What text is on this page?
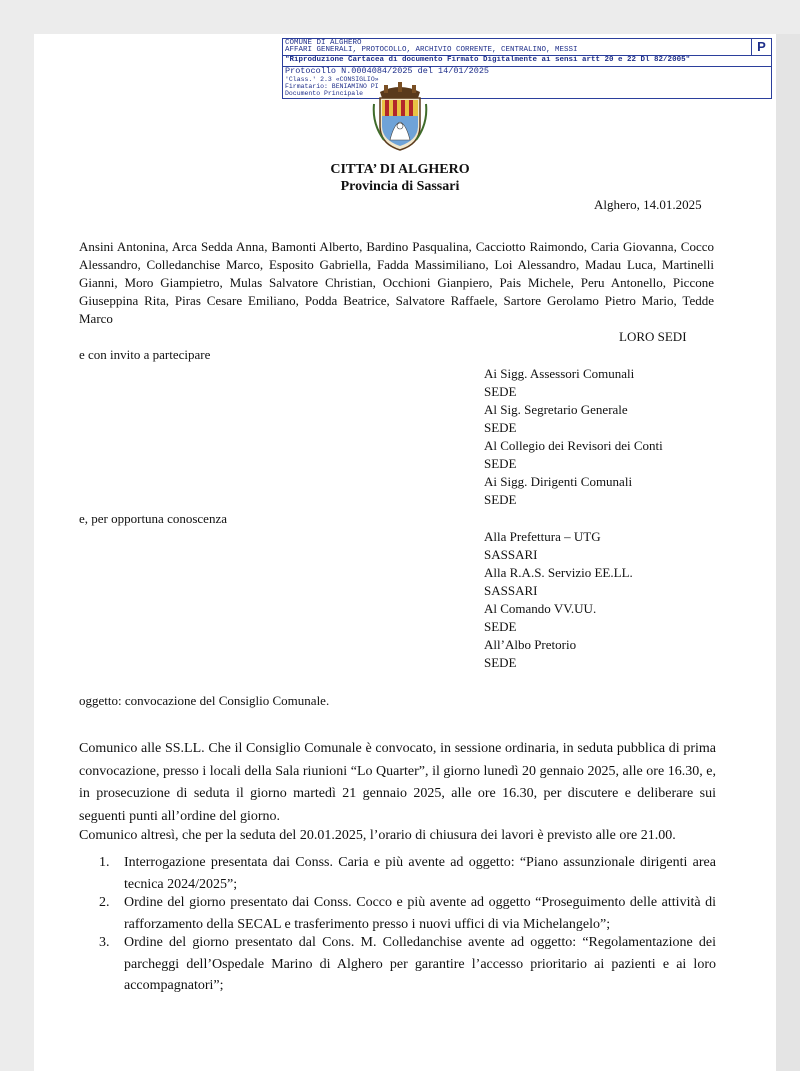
COMUNE DI ALGHERO
AFFARI GENERALI, PROTOCOLLO, ARCHIVIO CORRENTE, CENTRALINO, MESSI	P
"Riproduzione Cartacea di documento Firmato Digitalmente ai sensi artt 20 e 22 Dl 82/2005"
Protocollo N.0004084/2025 del 14/01/2025
'Class.' 2.3 «CONSIGLIO»
Firmatario: BENIAMINO PI
Documento Principale
CITTA’ DI ALGHERO
Provincia di Sassari
Alghero, 14.01.2025
Ansini Antonina, Arca Sedda Anna, Bamonti Alberto, Bardino Pasqualina, Cacciotto Raimondo, Caria Giovanna, Cocco Alessandro, Colledanchise Marco, Esposito Gabriella, Fadda Massimiliano, Loi Alessandro, Madau Luca, Martinelli Gianni, Moro Giampietro, Mulas Salvatore Christian, Occhioni Gianpiero, Pais Michele, Peru Antonello, Piccone Giuseppina Rita, Piras Cesare Emiliano, Podda Beatrice, Salvatore Raffaele, Sartore Gerolamo Pietro Mario, Tedde Marco
LORO SEDI
e con invito a partecipare
Ai Sigg. Assessori Comunali
SEDE
Al Sig. Segretario Generale
SEDE
Al Collegio dei Revisori dei Conti
SEDE
Ai Sigg. Dirigenti Comunali
SEDE
e, per opportuna conoscenza
Alla Prefettura – UTG
SASSARI
Alla R.A.S. Servizio EE.LL.
SASSARI
Al Comando VV.UU.
SEDE
All’Albo Pretorio
SEDE
oggetto: convocazione del Consiglio Comunale.
Comunico alle SS.LL. Che il Consiglio Comunale è convocato, in sessione ordinaria, in seduta pubblica di prima convocazione, presso i locali della Sala riunioni “Lo Quarter”, il giorno lunedì 20 gennaio 2025, alle ore 16.30, e, in prosecuzione di seduta il giorno martedì 21 gennaio 2025, alle ore 16.30, per discutere e deliberare sui seguenti punti all’ordine del giorno.
Comunico altresì, che per la seduta del 20.01.2025, l’orario di chiusura dei lavori è previsto alle ore 21.00.
1.	Interrogazione presentata dai Conss. Caria e più avente ad oggetto: “Piano assunzionale dirigenti area tecnica 2024/2025”;
2.	Ordine del giorno presentato dai Conss. Cocco e più avente ad oggetto “Proseguimento delle attività di rafforzamento della SECAL e trasferimento presso i nuovi uffici di via Michelangelo”;
3.	Ordine del giorno presentato dal Cons. M. Colledanchise avente ad oggetto: “Regolamentazione dei parcheggi dell’Ospedale Marino di Alghero per garantire l’accesso prioritario ai pazienti e ai loro accompagnatori”;
